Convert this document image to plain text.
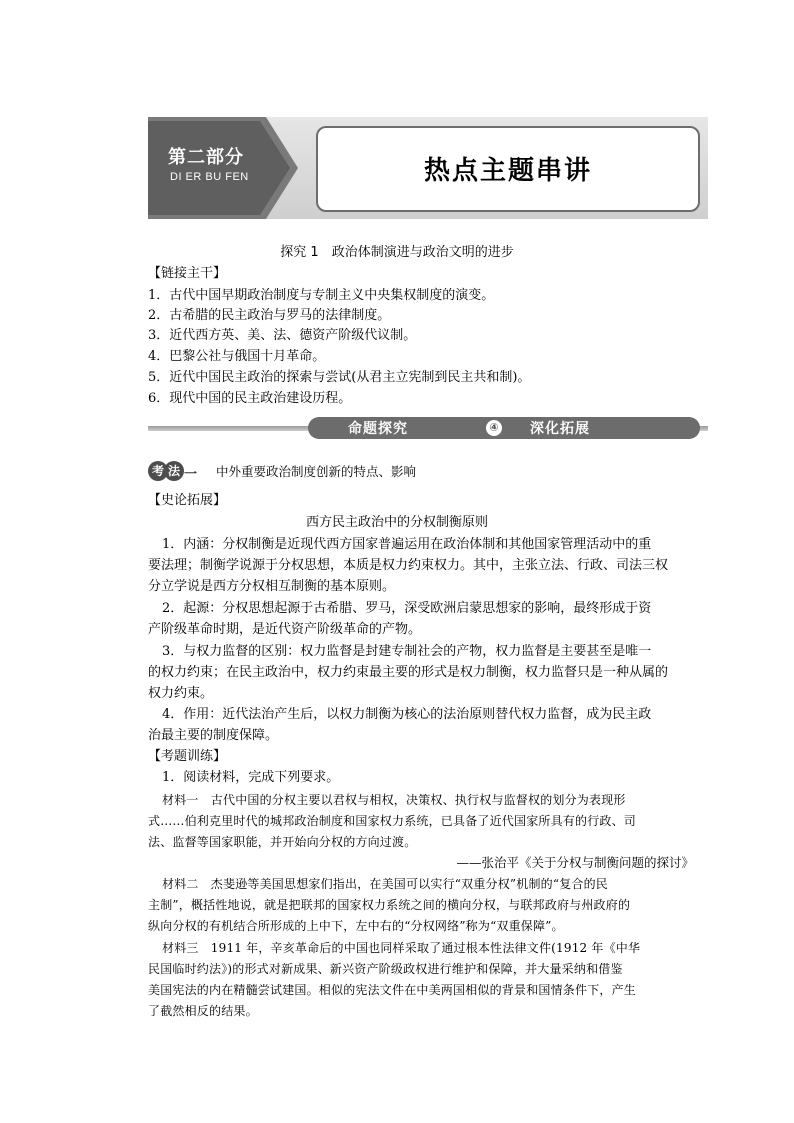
第二部分
DI ER BU FEN	热点主题串讲
探究 1　政治体制演进与政治文明的进步
【链接主干】
1．古代中国早期政治制度与专制主义中央集权制度的演变。
2．古希腊的民主政治与罗马的法律制度。
3．近代西方英、美、法、德资产阶级代议制。
4．巴黎公社与俄国十月革命。
5．近代中国民主政治的探索与尝试(从君主立宪制到民主共和制)。
6．现代中国的民主政治建设历程。
命题探究	④ 深化拓展
考 法 一 中外重要政治制度创新的特点、影响
【史论拓展】
西方民主政治中的分权制衡原则
1．内涵：分权制衡是近现代西方国家普遍运用在政治体制和其他国家管理活动中的重
要法理；制衡学说源于分权思想，本质是权力约束权力。其中，主张立法、行政、司法三权
分立学说是西方分权相互制衡的基本原则。
2．起源：分权思想起源于古希腊、罗马，深受欧洲启蒙思想家的影响，最终形成于资
产阶级革命时期，是近代资产阶级革命的产物。
3．与权力监督的区别：权力监督是封建专制社会的产物，权力监督是主要甚至是唯一
的权力约束；在民主政治中，权力约束最主要的形式是权力制衡，权力监督只是一种从属的
权力约束。
4．作用：近代法治产生后，以权力制衡为核心的法治原则替代权力监督，成为民主政
治最主要的制度保障。
【考题训练】
1．阅读材料，完成下列要求。
材料一　古代中国的分权主要以君权与相权，决策权、执行权与监督权的划分为表现形
式……伯利克里时代的城邦政治制度和国家权力系统，已具备了近代国家所具有的行政、司
法、监督等国家职能，并开始向分权的方向过渡。
——张治平《关于分权与制衡问题的探讨》
材料二　杰斐逊等美国思想家们指出，在美国可以实行“双重分权”机制的“复合的民
主制”，概括性地说，就是把联邦的国家权力系统之间的横向分权，与联邦政府与州政府的
纵向分权的有机结合所形成的上中下，左中右的“分权网络”称为“双重保障”。
材料三　1911 年，辛亥革命后的中国也同样采取了通过根本性法律文件(1912 年《中华
民国临时约法》)的形式对新成果、新兴资产阶级政权进行维护和保障，并大量采纳和借鉴
美国宪法的内在精髓尝试建国。相似的宪法文件在中美两国相似的背景和国情条件下，产生
了截然相反的结果。
